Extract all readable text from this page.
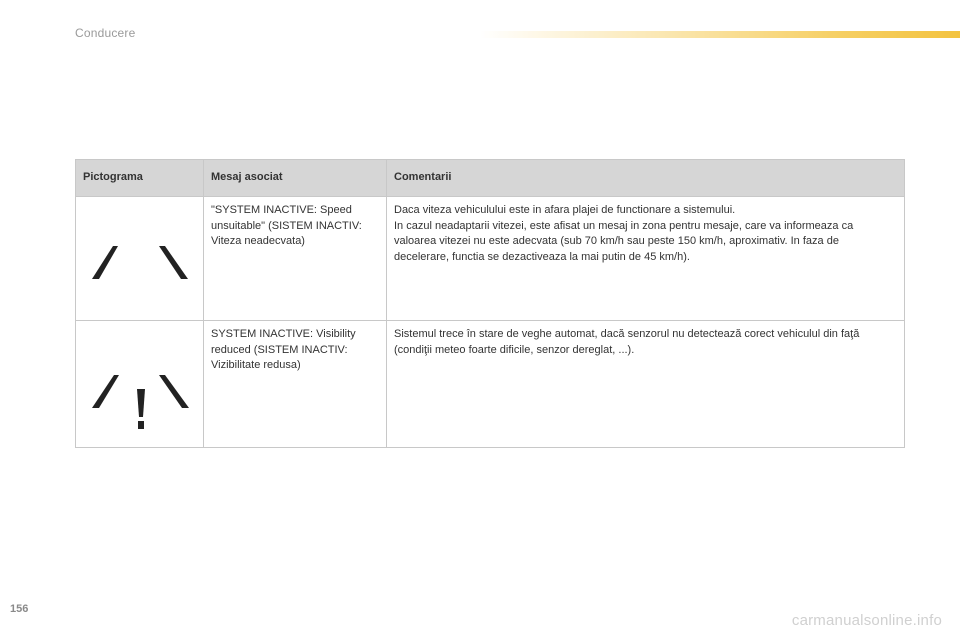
Conducere
Pictograma	Mesaj asociat	Comentarii

	"SYSTEM INACTIVE: Speed unsuitable" (SISTEM INACTIV: Viteza neadecvata)	Daca viteza vehiculului este in afara plajei de functionare a sistemului.
In cazul neadaptarii vitezei, este afisat un mesaj in zona pentru mesaje, care va informeaza ca valoarea vitezei nu este adecvata (sub 70 km/h sau peste 150 km/h, aproximativ. In faza de decelerare, functia se dezactiveaza la mai putin de 45 km/h).

	SYSTEM INACTIVE: Visibility reduced (SISTEM INACTIV: Vizibilitate redusa)	Sistemul trece în stare de veghe automat, dacă senzorul nu detectează corect vehiculul din faţă (condiţii meteo foarte dificile, senzor dereglat, ...).
156
carmanualsonline.info
